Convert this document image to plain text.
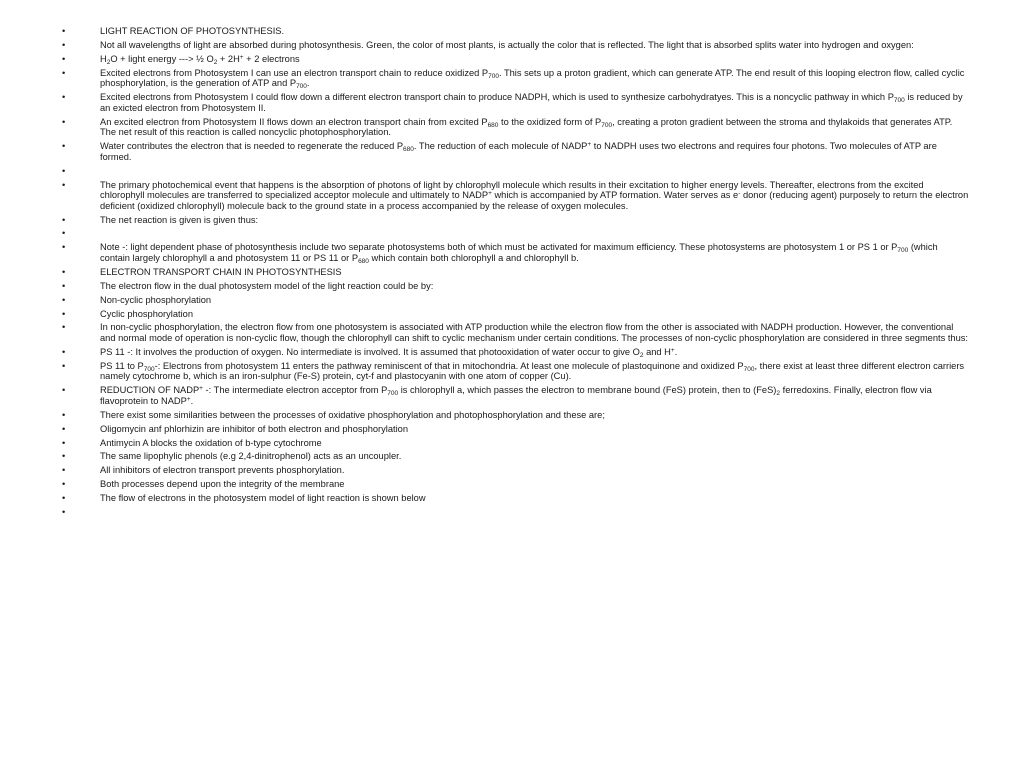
•	LIGHT REACTION OF PHOTOSYNTHESIS.
•	Not all wavelengths of light are absorbed during photosynthesis. Green, the color of most plants, is actually the color that is reflected. The light that is absorbed splits water into hydrogen and oxygen:
•	$H_2O$ + light energy ---> ½ $O_2 + 2H^+ + 2$ electrons
•	Excited electrons from Photosystem I can use an electron transport chain to reduce oxidized $P_{700}$. This sets up a proton gradient, which can generate ATP. The end result of this looping electron flow, called cyclic phosphorylation, is the generation of ATP and $P_{700}$.
•	Excited electrons from Photosystem I could flow down a different electron transport chain to produce NADPH, which is used to synthesize carbohydratyes. This is a noncyclic pathway in which $P_{700}$ is reduced by an exicted electron from Photosystem II.
•	An excited electron from Photosystem II flows down an electron transport chain from excited $P_{680}$ to the oxidized form of $P_{700}$, creating a proton gradient between the stroma and thylakoids that generates ATP. The net result of this reaction is called noncyclic photophosphorylation.
•	Water contributes the electron that is needed to regenerate the reduced $P_{680}$. The reduction of each molecule of NADP+ to NADPH uses two electrons and requires four photons. Two molecules of ATP are formed.
•
•	The primary photochemical event that happens is the absorption of photons of light by chlorophyll molecule which results in their excitation to higher energy levels. Thereafter, electrons from the excited chlorophyll molecules are transferred to specialized acceptor molecule and ultimately to NADP+ which is accompanied by ATP formation. Water serves as e- donor (reducing agent) purposely to return the electron deficient (oxidized chlorophyll) molecule back to the ground state in a process accompanied by the release of oxygen molecules.
•	The net reaction is given is given thus:
•
•	Note -: light dependent phase of photosynthesis include two separate photosystems both of which must be activated for maximum efficiency. These photosystems are photosystem 1 or PS 1 or $P_{700}$ (which contain largely chlorophyll a and photosystem 11 or PS 11 or $P_{680}$ which contain both chlorophyll a and chlorophyll b.
•	ELECTRON TRANSPORT CHAIN IN PHOTOSYNTHESIS
•	The electron flow in the dual photosystem model of the light reaction could be by:
•	Non-cyclic phosphorylation
•	Cyclic phosphorylation
•	In non-cyclic phosphorylation, the electron flow from one photosystem is associated with ATP production while the electron flow from the other is associated with NADPH production. However, the conventional and normal mode of operation is non-cyclic flow, though the chlorophyll can shift to cyclic mechanism under certain conditions. The processes of non-cyclic phosphorylation are considered in three segments thus:
•	PS 11 -: It involves the production of oxygen. No intermediate is involved. It is assumed that photooxidation of water occur to give $O_2$ and H+.
•	PS 11 to $P_{700}-$: Electrons from photosystem 11 enters the pathway reminiscent of that in mitochondria. At least one molecule of plastoquinone and oxidized $P_{700}$, there exist at least three different electron carriers namely cytochrome b, which is an iron-sulphur (Fe-S) protein, cyt-f and plastocyanin with one atom of copper (Cu).
•	REDUCTION OF NADP+ -: The intermediate electron acceptor from $P_{700}$ is chlorophyll a, which passes the electron to membrane bound (FeS) protein, then to $(FeS)_2$ ferredoxins. Finally, electron flow via flavoprotein to NADP+.
•	There exist some similarities between the processes of oxidative phosphorylation and photophosphorylation and these are;
•	Oligomycin anf phlorhizin are inhibitor of both electron and phosphorylation
•	Antimycin A blocks the oxidation of b-type cytochrome
•	The same lipophylic phenols (e.g 2,4-dinitrophenol) acts as an uncoupler.
•	All inhibitors of electron transport prevents phosphorylation.
•	Both processes depend upon the integrity of the membrane
•	The flow of electrons in the photosystem model of light reaction is shown below
•
